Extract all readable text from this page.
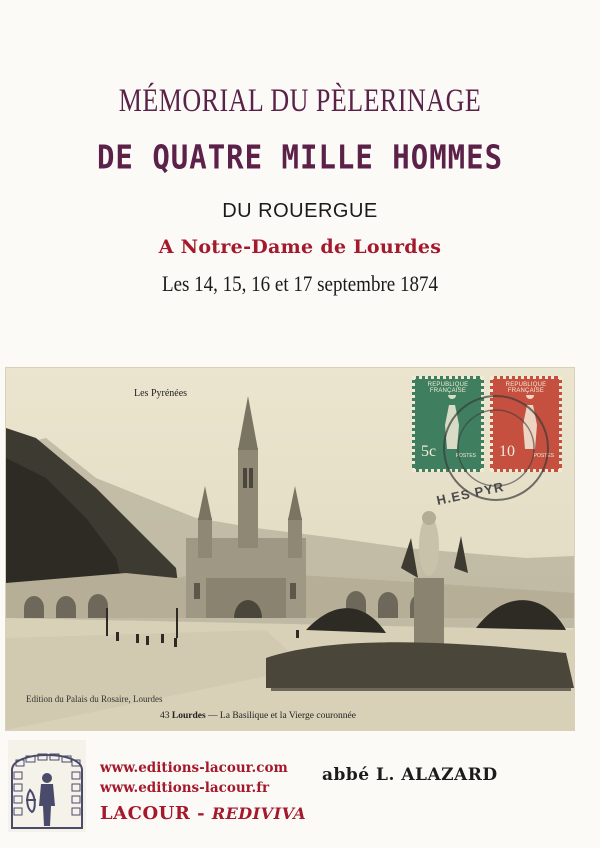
MÉMORIAL DU PÈLERINAGE
DE QUATRE MILLE HOMMES
DU ROUERGUE
A Notre-Dame de Lourdes
Les 14, 15, 16 et 17 septembre 1874
Les Pyrénées
REPUBLIQUE FRANÇAISE
5c	POSTES
REPUBLIQUE FRANÇAISE
10	POSTES
H.ES PYR
Edition du Palais du Rosaire, Lourdes
43 Lourdes — La Basilique et la Vierge couronnée
www.editions-lacour.com
www.editions-lacour.fr
LACOUR - REDIVIVA
abbé L. ALAZARD
